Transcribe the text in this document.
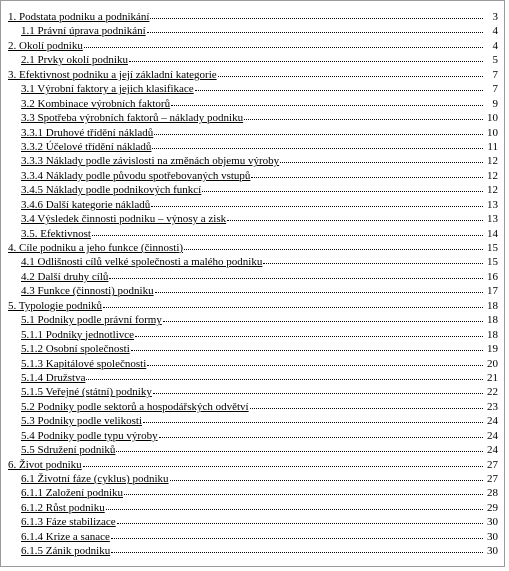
1. Podstata podniku a podnikání	3
1.1 Právní úprava podnikání	4
2. Okolí podniku	4
2.1 Prvky okolí podniku	5
3. Efektivnost podniku a její základní kategorie	7
3.1 Výrobní faktory a jejich klasifikace	7
3.2 Kombinace výrobních faktorů	9
3.3 Spotřeba výrobních faktorů – náklady podniku	10
3.3.1 Druhové třídění nákladů	10
3.3.2 Účelové třídění nákladů	11
3.3.3 Náklady podle závislosti na změnách objemu výroby	12
3.3.4 Náklady podle původu spotřebovaných vstupů	12
3.4.5 Náklady podle podnikových funkcí	12
3.4.6 Další kategorie nákladů	13
3.4 Výsledek činnosti podniku – výnosy a zisk	13
3.5. Efektivnost	14
4. Cíle podniku a jeho funkce (činnosti)	15
4.1 Odlišnosti cílů velké společnosti a malého podniku	15
4.2 Další druhy cílů	16
4.3 Funkce (činnosti) podniku	17
5. Typologie podniků	18
5.1 Podniky podle právní formy	18
5.1.1 Podniky jednotlivce	18
5.1.2 Osobní společnosti	19
5.1.3 Kapitálové společnosti	20
5.1.4 Družstva	21
5.1.5 Veřejné (státní) podniky	22
5.2 Podniky podle sektorů a hospodářských odvětví	23
5.3 Podniky podle velikosti	24
5.4 Podniky podle typu výroby	24
5.5 Sdružení podniků	24
6. Život podniku	27
6.1 Životní fáze (cyklus) podniku	27
6.1.1 Založení podniku	28
6.1.2 Růst podniku	29
6.1.3 Fáze stabilizace	30
6.1.4 Krize a sanace	30
6.1.5 Zánik podniku	30
